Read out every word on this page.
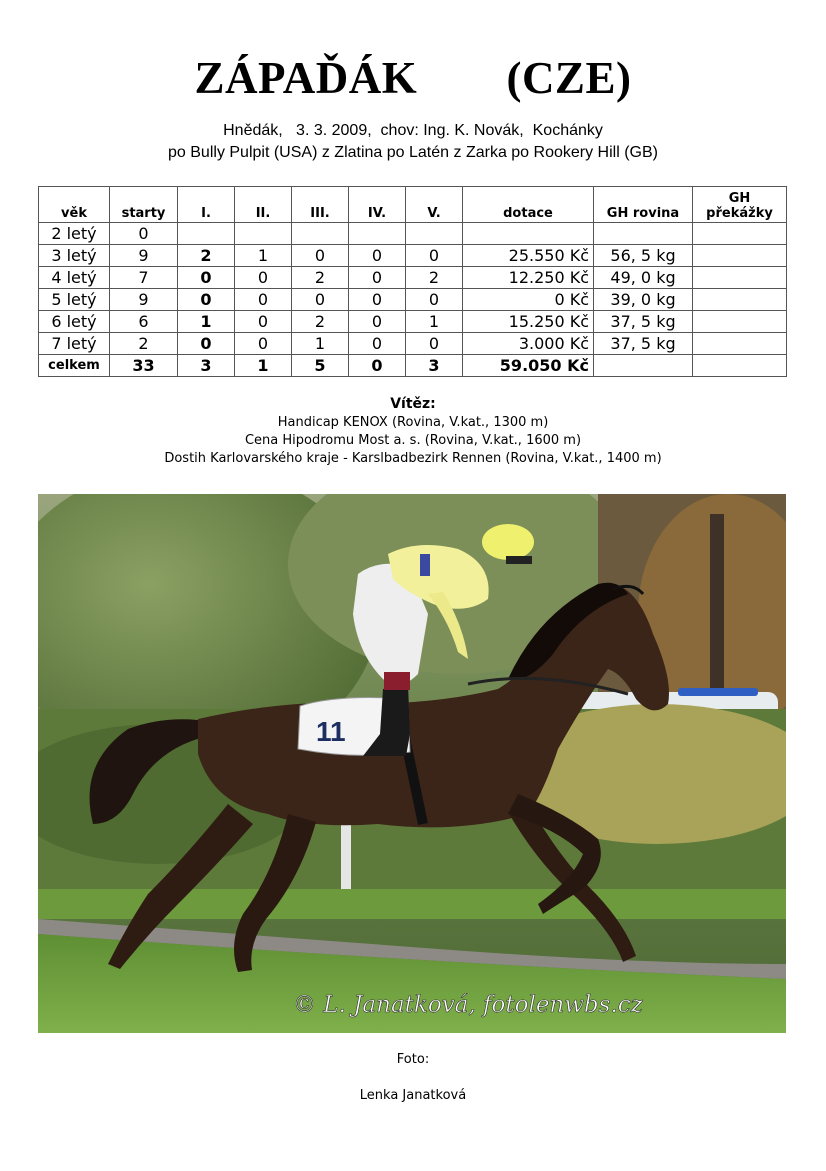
ZÁPAĎÁK   (CZE)
Hnědák,   3. 3. 2009,  chov: Ing. K. Novák,  Kochánky
po Bully Pulpit (USA) z Zlatina po Latén z Zarka po Rookery Hill (GB)
věk	starty	I.	II.	III.	IV.	V.	dotace	GH rovina	GH překážky
2 letý	0								
3 letý	9	2	1	0	0	0	25.550 Kč	56, 5 kg	
4 letý	7	0	0	2	0	2	12.250 Kč	49, 0 kg	
5 letý	9	0	0	0	0	0	0 Kč	39, 0 kg	
6 letý	6	1	0	2	0	1	15.250 Kč	37, 5 kg	
7 letý	2	0	0	1	0	0	3.000 Kč	37, 5 kg	
celkem	33	3	1	5	0	3	59.050 Kč		
Vítěz:
Handicap KENOX (Rovina, V.kat., 1300 m)
Cena Hipodromu Most a. s. (Rovina, V.kat., 1600 m)
Dostih Karlovarského kraje - Karslbadbezirk Rennen (Rovina, V.kat., 1400 m)
11
© L. Janatková, fotolenwbs.cz
Foto:
Lenka Janatková
